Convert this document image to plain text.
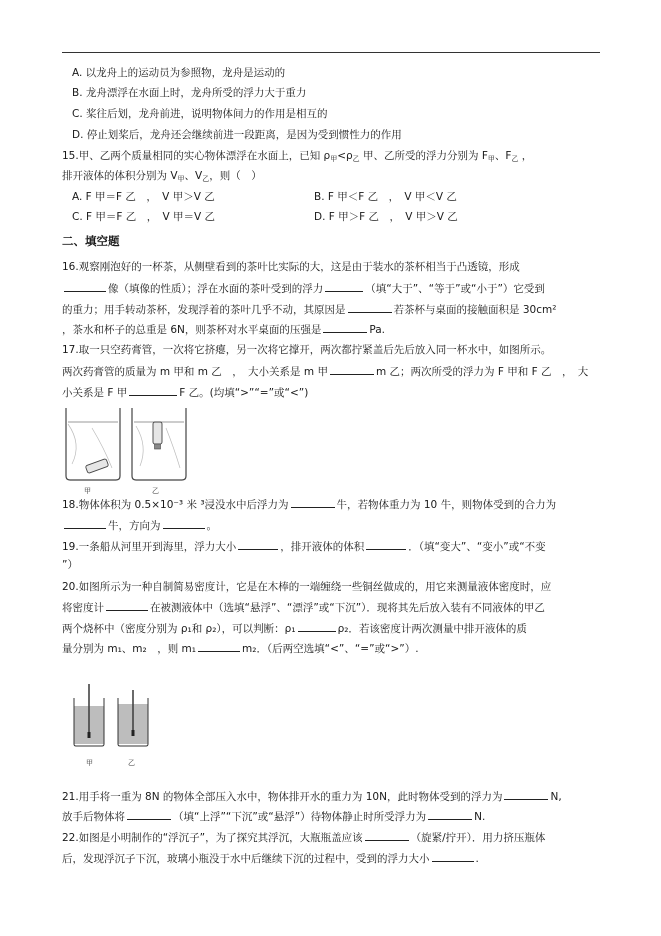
A. 以龙舟上的运动员为参照物，龙舟是运动的
B. 龙舟漂浮在水面上时，龙舟所受的浮力大于重力
C. 桨往后划，龙舟前进，说明物体间力的作用是相互的
D. 停止划桨后，龙舟还会继续前进一段距离，是因为受到惯性力的作用
15.甲、乙两个质量相同的实心物体漂浮在水面上，已知 $\rho_甲<\rho_乙$ 甲、乙所受的浮力分别为 $F_甲$、$F_乙$ ，
排开液体的体积分别为 $V_甲$、$V_乙$，则（　）
A. F 甲＝F 乙　，　V 甲＞V 乙	B. F 甲＜F 乙　，　V 甲＜V 乙
C. F 甲＝F 乙　，　V 甲＝V 乙	D. F 甲＞F 乙　，　V 甲＞V 乙
二、填空题
16.观察刚泡好的一杯茶，从侧壁看到的茶叶比实际的大，这是由于装水的茶杯相当于凸透镜，形成
像（填像的性质）；浮在水面的茶叶受到的浮力	（填“大于”、“等于”或“小于”）它受到
的重力；用手转动茶杯，发现浮着的茶叶几乎不动，其原因是	若茶杯与桌面的接触面积是 30cm²
，茶水和杯子的总重是 6N，则茶杯对水平桌面的压强是	Pa.
17.取一只空药膏管，一次将它挤瘪，另一次将它撑开，两次都拧紧盖后先后放入同一杯水中，如图所示。
两次药膏管的质量为 m 甲和 m 乙　，　大小关系是 m 甲	m 乙；两次所受的浮力为 F 甲和 F 乙　，　大
小关系是 F 甲	F 乙。(均填“>”“=”或“<”)
甲	乙
18.物体体积为 0.5×10⁻³ 米 ³浸没水中后浮力为	牛，若物体重力为 10 牛，则物体受到的合力为
牛，方向为	。
19.一条船从河里开到海里，浮力大小	，排开液体的体积	．（填“变大”、“变小”或“不变
”）
20.如图所示为一种自制简易密度计，它是在木棒的一端缠绕一些铜丝做成的，用它来测量液体密度时，应
将密度计	在被测液体中（选填“悬浮”、“漂浮”或“下沉”）．现将其先后放入装有不同液体的甲乙
两个烧杯中（密度分别为 ρ₁和 ρ₂），可以判断：ρ₁	ρ₂．若该密度计两次测量中排开液体的质
量分别为 m₁、m₂　，则 m₁	m₂．（后两空选填“<”、“=”或“>”）.
甲	乙
21.用手将一重为 8N 的物体全部压入水中，物体排开水的重力为 10N，此时物体受到的浮力为	N,
放手后物体将	（填“上浮”“下沉”或“悬浮”）待物体静止时所受浮力为	N.
22.如图是小明制作的“浮沉子”，为了探究其浮沉，大瓶瓶盖应该	（旋紧/拧开）．用力挤压瓶体
后，发现浮沉子下沉，玻璃小瓶没于水中后继续下沉的过程中，受到的浮力大小	.
